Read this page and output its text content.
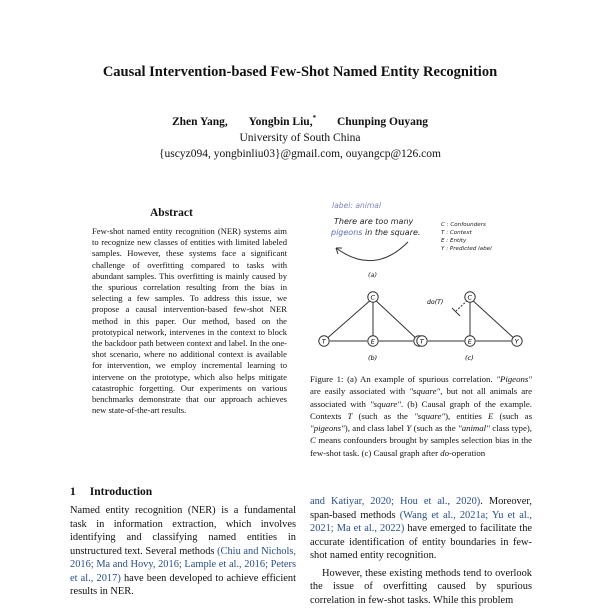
Causal Intervention-based Few-Shot Named Entity Recognition
Zhen Yang, Yongbin Liu,* Chunping Ouyang
University of South China
{uscyz094, yongbinliu03}@gmail.com, ouyangcp@126.com
Abstract
Few-shot named entity recognition (NER) systems aim to recognize new classes of entities with limited labeled samples. However, these systems face a significant challenge of overfitting compared to tasks with abundant samples. This overfitting is mainly caused by the spurious correlation resulting from the bias in selecting a few samples. To address this issue, we propose a causal intervention-based few-shot NER method in this paper. Our method, based on the prototypical network, intervenes in the context to block the backdoor path between context and label. In the one-shot scenario, where no additional context is available for intervention, we employ incremental learning to intervene on the prototype, which also helps mitigate catastrophic forgetting. Our experiments on various benchmarks demonstrate that our approach achieves new state-of-the-art results.
label: animal
There are too many
pigeons in the square.
C : Confounders
T : Context
E : Entity
Y : Predicted label
(a)
C
T	E
(b)
do(T)
C
T	E	Y
(c)
Figure 1: (a) An example of spurious correlation. "Pigeons" are easily associated with "square", but not all animals are associated with "square". (b) Causal graph of the example. Contexts T (such as the "square"), entities E (such as "pigeons"), and class label Y (such as the "animal" class type), C means confounders brought by samples selection bias in the few-shot task. (c) Causal graph after do-operation
1 Introduction
Named entity recognition (NER) is a fundamental task in information extraction, which involves identifying and classifying named entities in unstructured text. Several methods (Chiu and Nichols, 2016; Ma and Hovy, 2016; Lample et al., 2016; Peters et al., 2017) have been developed to achieve efficient results in NER.

and Katiyar, 2020; Hou et al., 2020). Moreover, span-based methods (Wang et al., 2021a; Yu et al., 2021; Ma et al., 2022) have emerged to facilitate the accurate identification of entity boundaries in few-shot named entity recognition.

However, these existing methods tend to overlook the issue of overfitting caused by spurious correlation in few-shot tasks. While this problem
